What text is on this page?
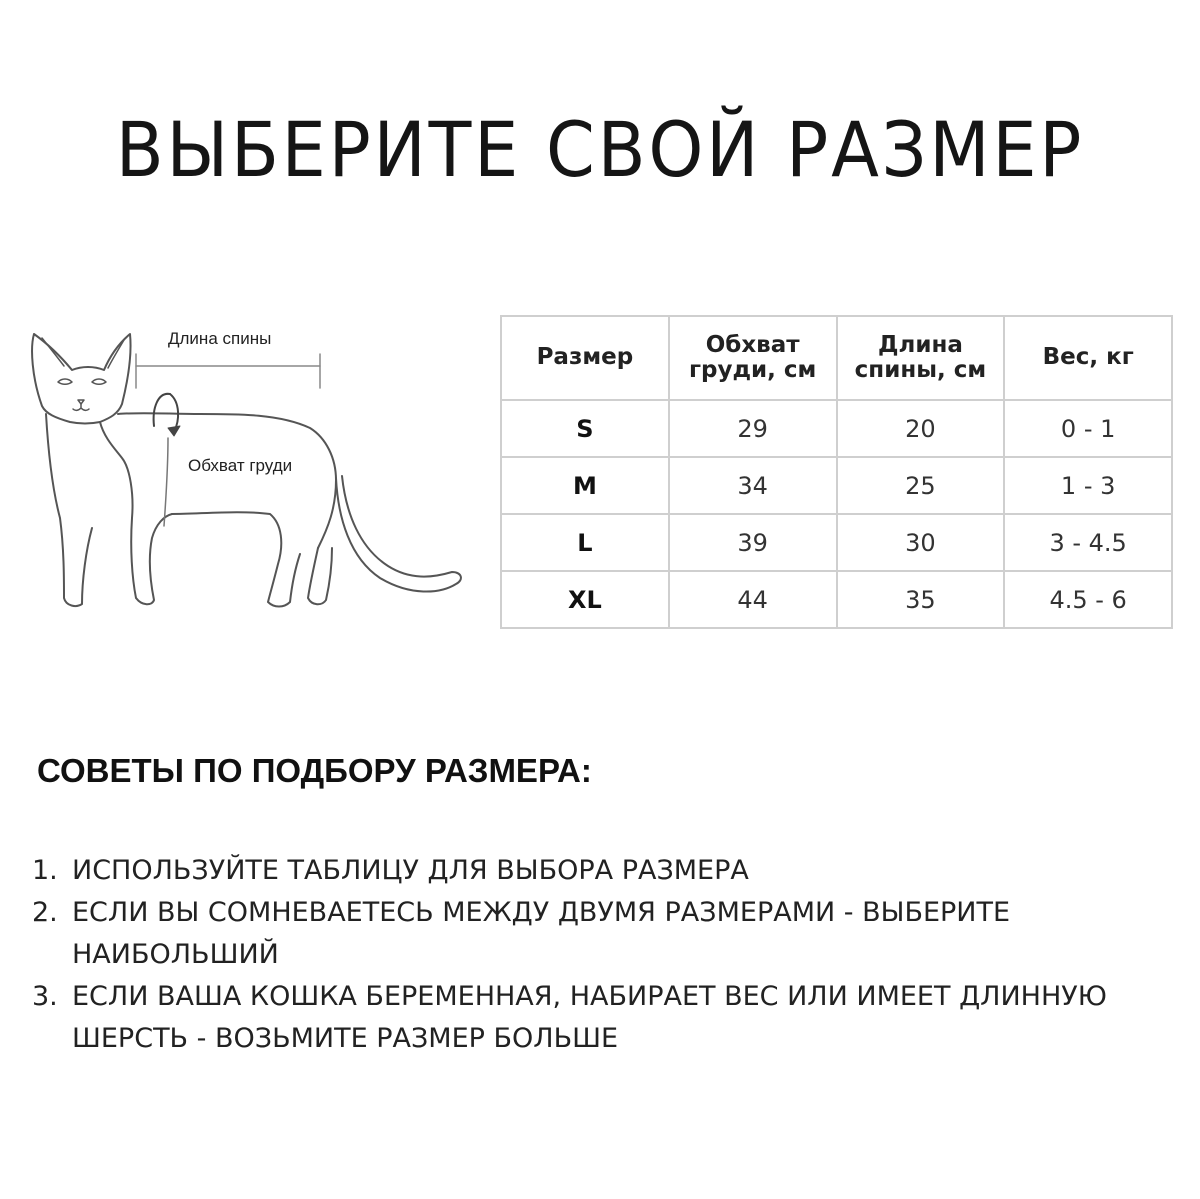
ВЫБЕРИТЕ СВОЙ РАЗМЕР
Длина спины
Обхват груди
Размер	Обхват груди, см	Длина спины, см	Вес, кг
S	29	20	0 - 1
M	34	25	1 - 3
L	39	30	3 - 4.5
XL	44	35	4.5 - 6
СОВЕТЫ ПО ПОДБОРУ РАЗМЕРА:
1. ИСПОЛЬЗУЙТЕ ТАБЛИЦУ ДЛЯ ВЫБОРА РАЗМЕРА
2. ЕСЛИ ВЫ СОМНЕВАЕТЕСЬ МЕЖДУ ДВУМЯ РАЗМЕРАМИ - ВЫБЕРИТЕ НАИБОЛЬШИЙ
3. ЕСЛИ ВАША КОШКА БЕРЕМЕННАЯ, НАБИРАЕТ ВЕС ИЛИ ИМЕЕТ ДЛИННУЮ ШЕРСТЬ - ВОЗЬМИТЕ РАЗМЕР БОЛЬШЕ
